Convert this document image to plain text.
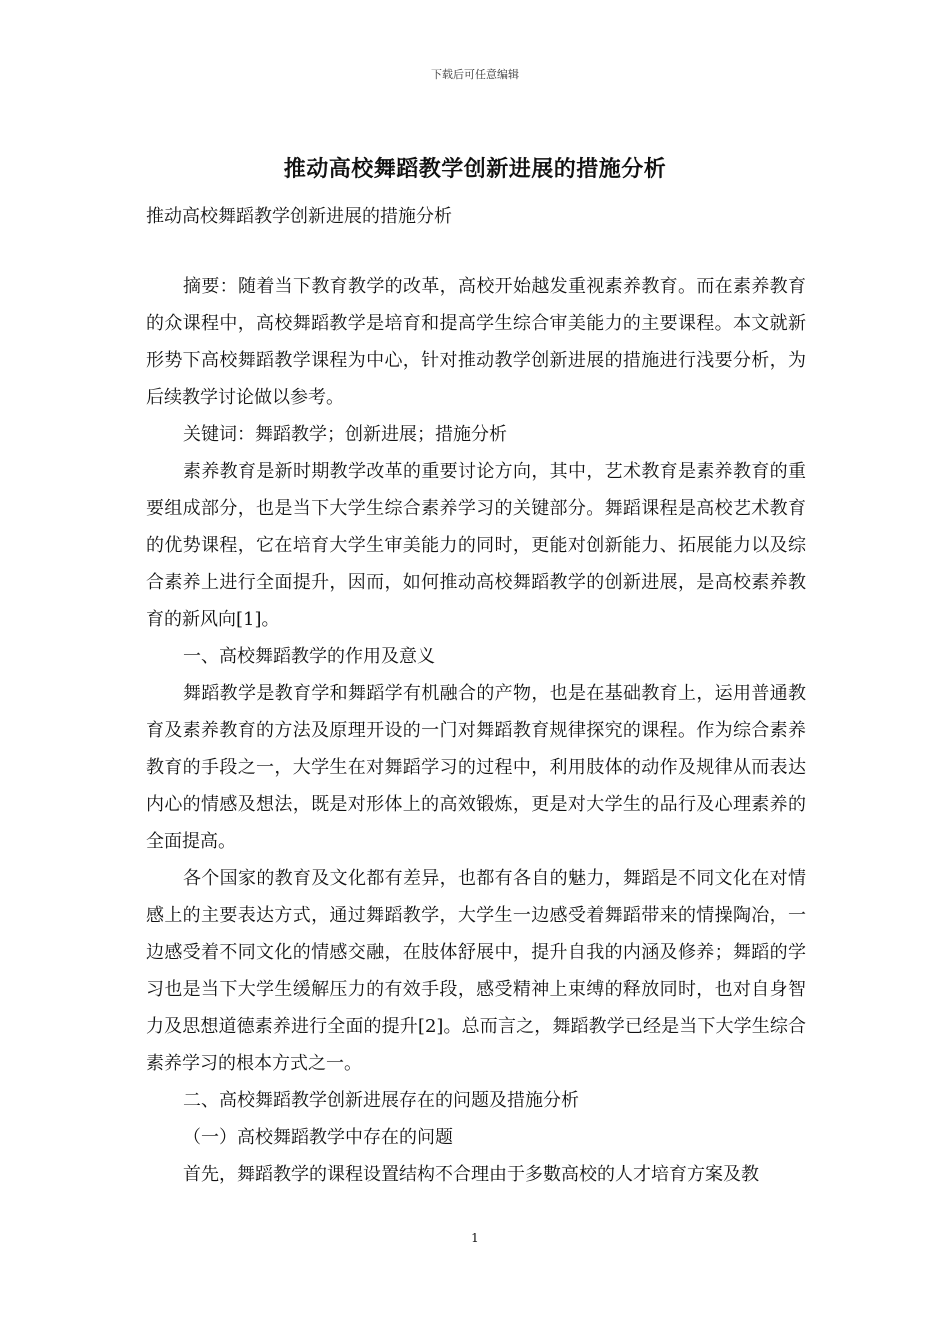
下载后可任意编辑
推动高校舞蹈教学创新进展的措施分析
推动高校舞蹈教学创新进展的措施分析

摘要：随着当下教育教学的改革，高校开始越发重视素养教育。而在素养教育的众课程中，高校舞蹈教学是培育和提高学生综合审美能力的主要课程。本文就新形势下高校舞蹈教学课程为中心，针对推动教学创新进展的措施进行浅要分析，为后续教学讨论做以参考。

关键词：舞蹈教学；创新进展；措施分析

素养教育是新时期教学改革的重要讨论方向，其中，艺术教育是素养教育的重要组成部分，也是当下大学生综合素养学习的关键部分。舞蹈课程是高校艺术教育的优势课程，它在培育大学生审美能力的同时，更能对创新能力、拓展能力以及综合素养上进行全面提升，因而，如何推动高校舞蹈教学的创新进展，是高校素养教育的新风向[1]。

一、高校舞蹈教学的作用及意义

舞蹈教学是教育学和舞蹈学有机融合的产物，也是在基础教育上，运用普通教育及素养教育的方法及原理开设的一门对舞蹈教育规律探究的课程。作为综合素养教育的手段之一，大学生在对舞蹈学习的过程中，利用肢体的动作及规律从而表达内心的情感及想法，既是对形体上的高效锻炼，更是对大学生的品行及心理素养的全面提高。

各个国家的教育及文化都有差异，也都有各自的魅力，舞蹈是不同文化在对情感上的主要表达方式，通过舞蹈教学，大学生一边感受着舞蹈带来的情操陶冶，一边感受着不同文化的情感交融，在肢体舒展中，提升自我的内涵及修养；舞蹈的学习也是当下大学生缓解压力的有效手段，感受精神上束缚的释放同时，也对自身智力及思想道德素养进行全面的提升[2]。总而言之，舞蹈教学已经是当下大学生综合素养学习的根本方式之一。

二、高校舞蹈教学创新进展存在的问题及措施分析

（一）高校舞蹈教学中存在的问题

首先，舞蹈教学的课程设置结构不合理由于多數高校的人才培育方案及教

1
